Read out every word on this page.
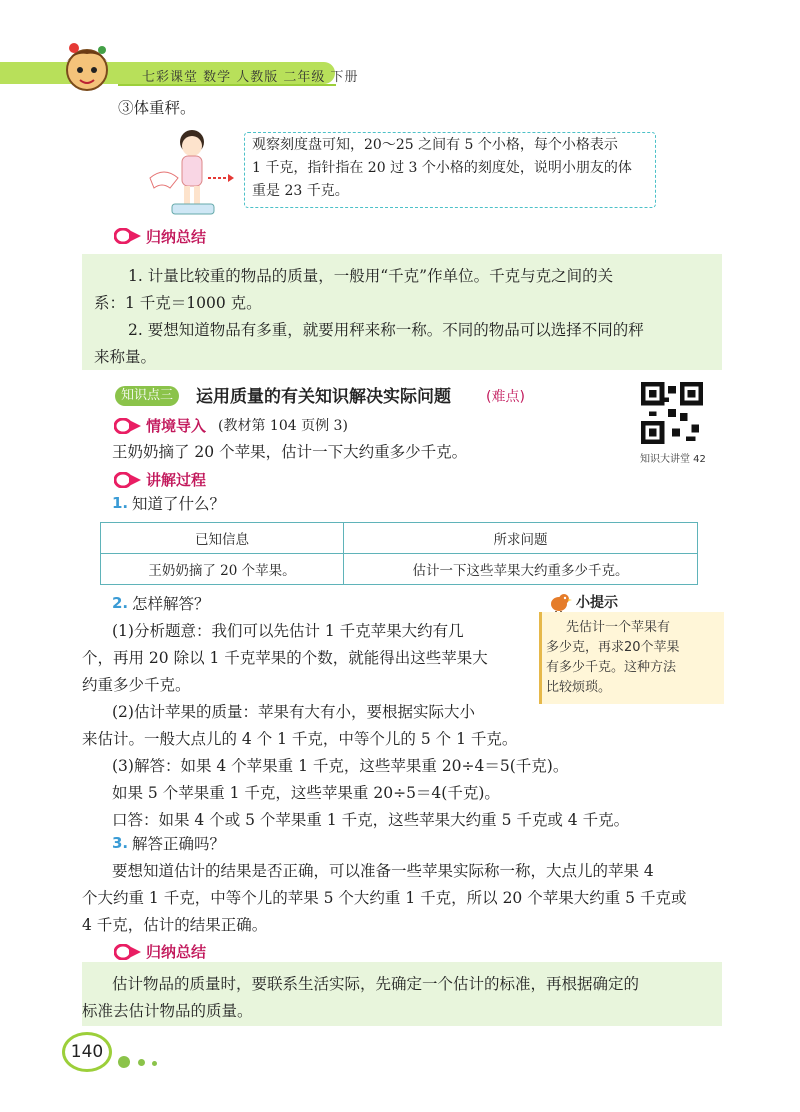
七彩课堂 数学 人教版 二年级 下册
③体重秤。
观察刻度盘可知，20～25 之间有 5 个小格，每个小格表示
1 千克，指针指在 20 过 3 个小格的刻度处，说明小朋友的体
重是 23 千克。
归纳总结
1. 计量比较重的物品的质量，一般用“千克”作单位。千克与克之间的关
系：1 千克＝1000 克。
2. 要想知道物品有多重，就要用秤来称一称。不同的物品可以选择不同的秤
来称量。
知识点三	运用质量的有关知识解决实际问题	(难点)
知识大讲堂 42
情境导入 (教材第 104 页例 3)
王奶奶摘了 20 个苹果，估计一下大约重多少千克。
讲解过程
1. 知道了什么？
已知信息	所求问题
王奶奶摘了 20 个苹果。	估计一下这些苹果大约重多少千克。
2. 怎样解答？
(1)分析题意：我们可以先估计 1 千克苹果大约有几
个，再用 20 除以 1 千克苹果的个数，就能得出这些苹果大
约重多少千克。
(2)估计苹果的质量：苹果有大有小，要根据实际大小
来估计。一般大点儿的 4 个 1 千克，中等个儿的 5 个 1 千克。
(3)解答：如果 4 个苹果重 1 千克，这些苹果重 20÷4＝5(千克)。
如果 5 个苹果重 1 千克，这些苹果重 20÷5＝4(千克)。
口答：如果 4 个或 5 个苹果重 1 千克，这些苹果大约重 5 千克或 4 千克。
小提示
先估计一个苹果有
多少克，再求20个苹果
有多少千克。这种方法
比较烦琐。
3. 解答正确吗？
要想知道估计的结果是否正确，可以准备一些苹果实际称一称，大点儿的苹果 4
个大约重 1 千克，中等个儿的苹果 5 个大约重 1 千克，所以 20 个苹果大约重 5 千克或
4 千克，估计的结果正确。
归纳总结
估计物品的质量时，要联系生活实际，先确定一个估计的标准，再根据确定的
标准去估计物品的质量。
140
